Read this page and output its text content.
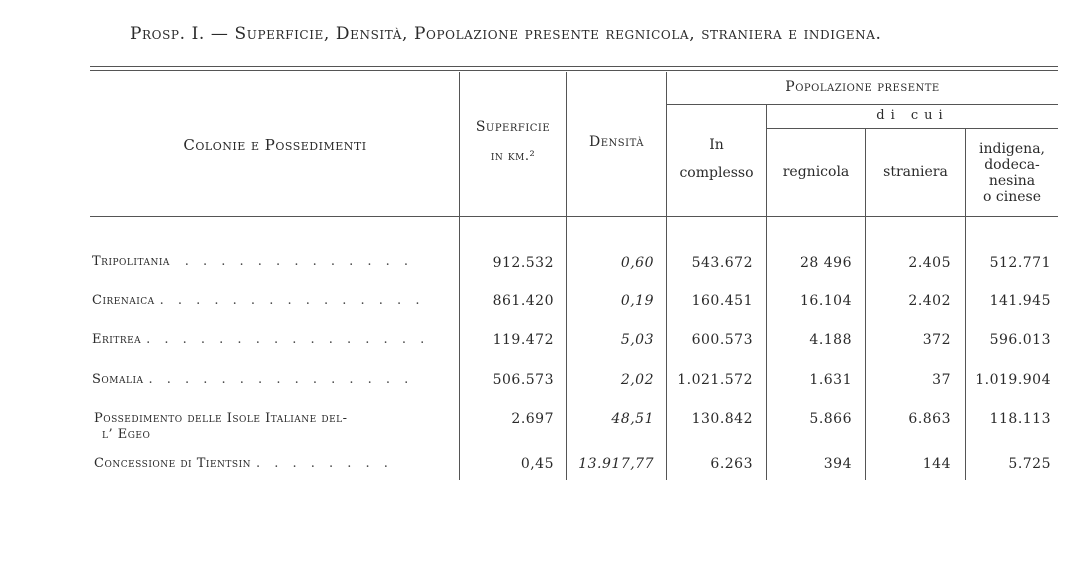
Prosp. I. — Superficie, Densità, Popolazione presente regnicola, straniera e indigena.
Colonie e Possedimenti
Superficie
in km.²
Densità
Popolazione presente
di cui
In
complesso	regnicola	straniera
indigena,
dodeca-
nesina
o cinese
Tripolitania . . . . . . . . . . . . .	912.532	0,60	543.672	28 496	2.405	512.771
Cirenaica . . . . . . . . . . . . . . .	861.420	0,19	160.451	16.104	2.402	141.945
Eritrea . . . . . . . . . . . . . . . .	119.472	5,03	600.573	4.188	372	596.013
Somalia . . . . . . . . . . . . . . .	506.573	2,02	1.021.572	1.631	37	1.019.904
Possedimento delle Isole Italiane del-
l’ Egeo
2.697	48,51	130.842	5.866	6.863	118.113
Concessione di Tientsin . . . . . . . .	0,45	13.917,77	6.263	394	144	5.725
